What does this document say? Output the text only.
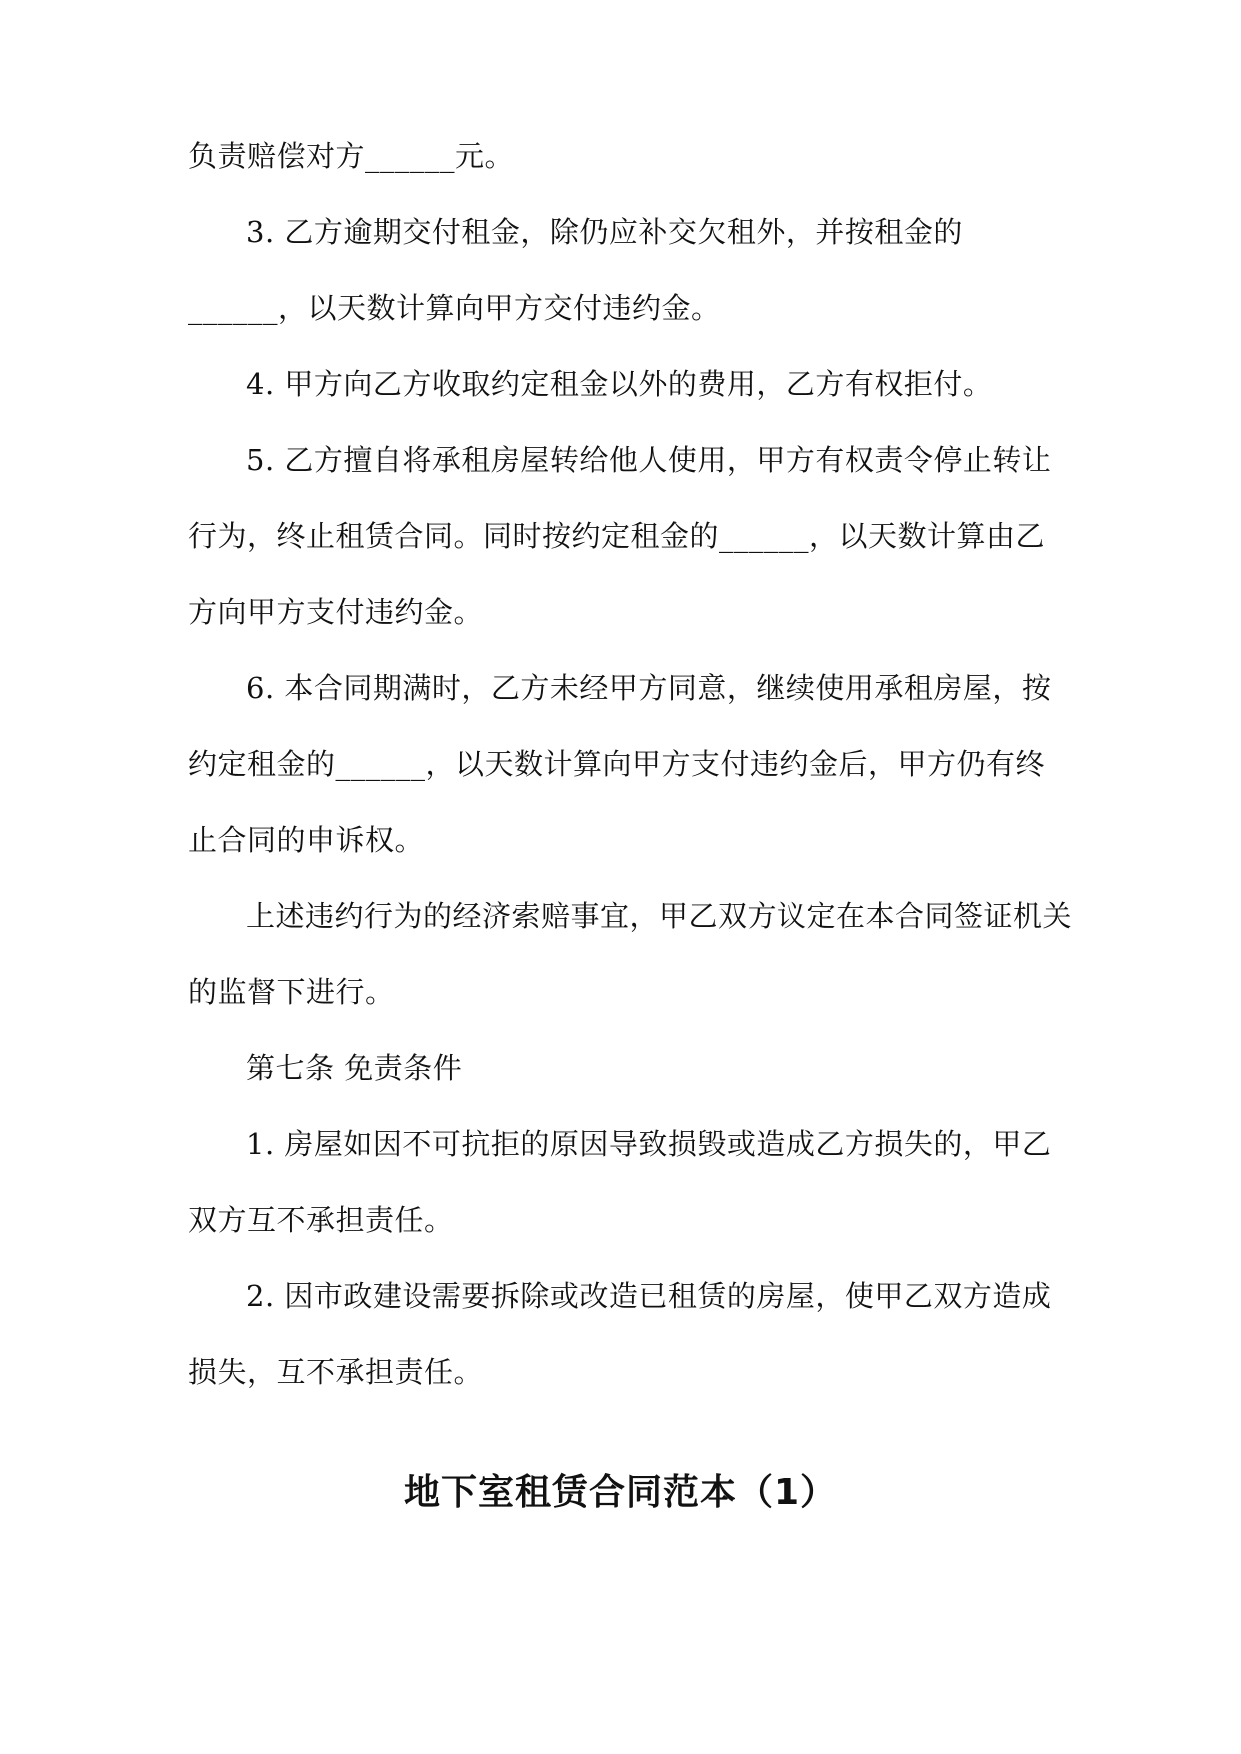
负责赔偿对方______元。
3. 乙方逾期交付租金，除仍应补交欠租外，并按租金的
______，以天数计算向甲方交付违约金。
4. 甲方向乙方收取约定租金以外的费用，乙方有权拒付。
5. 乙方擅自将承租房屋转给他人使用，甲方有权责令停止转让
行为，终止租赁合同。同时按约定租金的______，以天数计算由乙
方向甲方支付违约金。
6. 本合同期满时，乙方未经甲方同意，继续使用承租房屋，按
约定租金的______，以天数计算向甲方支付违约金后，甲方仍有终
止合同的申诉权。
上述违约行为的经济索赔事宜，甲乙双方议定在本合同签证机关
的监督下进行。
第七条 免责条件
1. 房屋如因不可抗拒的原因导致损毁或造成乙方损失的，甲乙
双方互不承担责任。
2. 因市政建设需要拆除或改造已租赁的房屋，使甲乙双方造成
损失，互不承担责任。
地下室租赁合同范本（1）
